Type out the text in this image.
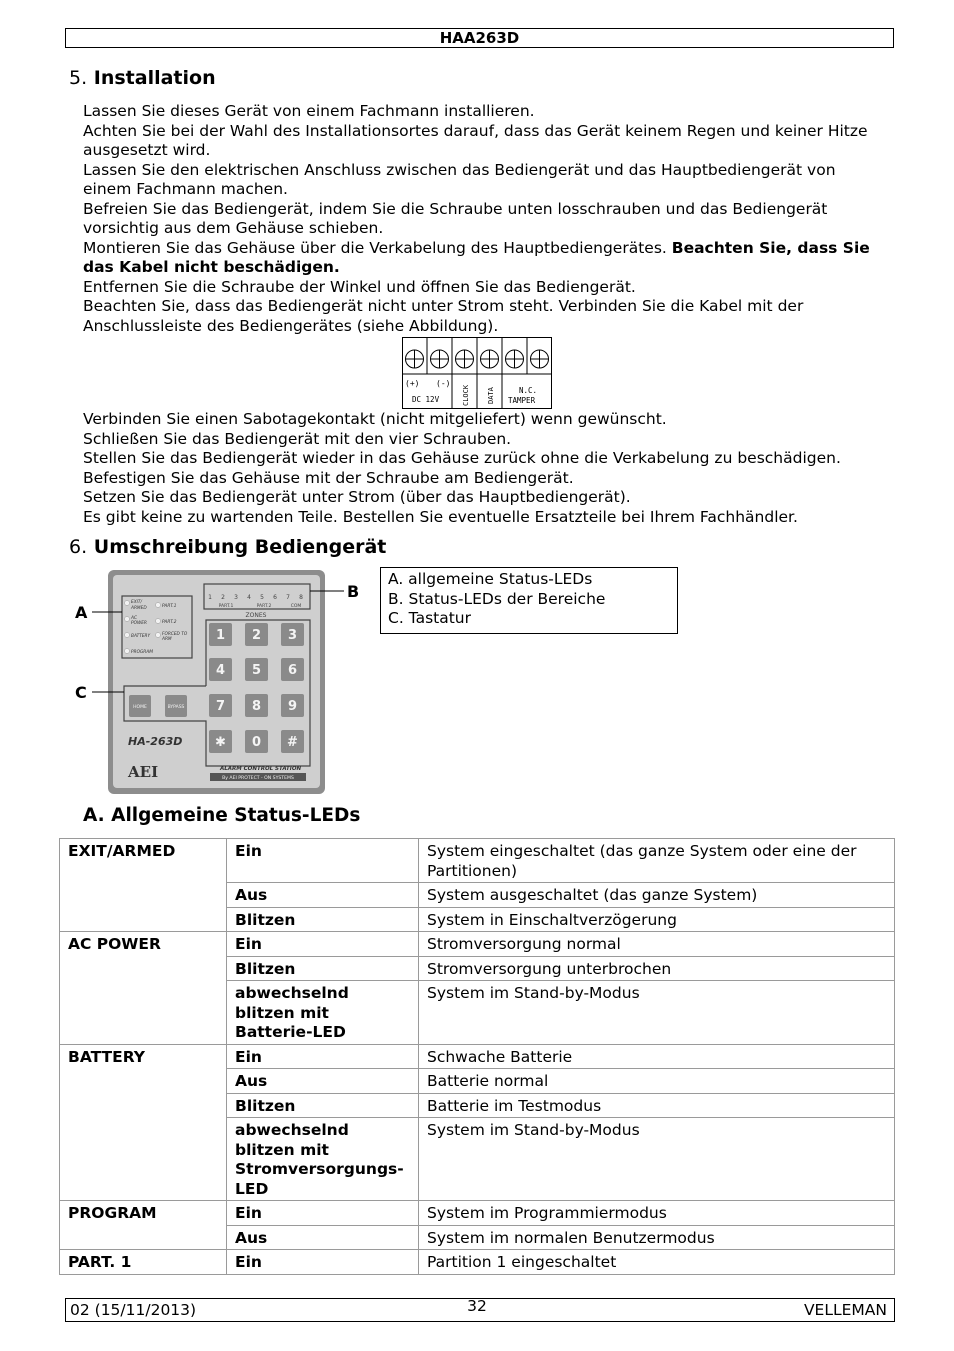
HAA263D
5. Installation

Lassen Sie dieses Gerät von einem Fachmann installieren.

Achten Sie bei der Wahl des Installationsortes darauf, dass das Gerät keinem Regen und keiner Hitze ausgesetzt wird.

Lassen Sie den elektrischen Anschluss zwischen das Bediengerät und das Hauptbediengerät von einem Fachmann machen.

Befreien Sie das Bediengerät, indem Sie die Schraube unten losschrauben und das Bediengerät vorsichtig aus dem Gehäuse schieben.

Montieren Sie das Gehäuse über die Verkabelung des Hauptbediengerätes. Beachten Sie, dass Sie das Kabel nicht beschädigen.

Entfernen Sie die Schraube der Winkel und öffnen Sie das Bediengerät.

Beachten Sie, dass das Bediengerät nicht unter Strom steht. Verbinden Sie die Kabel mit der Anschlussleiste des Bediengerätes (siehe Abbildung).

(+) (-)
DC 12V	CLOCK DATA	N.C.
TAMPER

Verbinden Sie einen Sabotagekontakt (nicht mitgeliefert) wenn gewünscht.

Schließen Sie das Bediengerät mit den vier Schrauben.

Stellen Sie das Bediengerät wieder in das Gehäuse zurück ohne die Verkabelung zu beschädigen.

Befestigen Sie das Gehäuse mit der Schraube am Bediengerät.

Setzen Sie das Bediengerät unter Strom (über das Hauptbediengerät).

Es gibt keine zu wartenden Teile. Bestellen Sie eventuelle Ersatzteile bei Ihrem Fachhändler.

6. Umschreibung Bediengerät
EXIT/
ARMED
AC
POWER
BATTERY
PROGRAM
PART.1
PART.2
FORCED TO
ARM
1 2 3 4 5 6 7 8
PART.1	PART.2	COM
ZONES
1 2 3
4 5 6
7 8 9
✱ 0 #
HOME	BYPASS
HA-263D
AEI	ALARM CONTROL STATION
By AEI PROTECT - ON SYSTEMS
A
B
C
A. allgemeine Status-LEDs
B. Status-LEDs der Bereiche
C. Tastatur
A. Allgemeine Status-LEDs
EXIT/ARMED	Ein	System eingeschaltet (das ganze System oder eine der Partitionen)
	Aus	System ausgeschaltet (das ganze System)
	Blitzen	System in Einschaltverzögerung
AC POWER	Ein	Stromversorgung normal
	Blitzen	Stromversorgung unterbrochen
	abwechselnd blitzen mit Batterie-LED	System im Stand-by-Modus
BATTERY	Ein	Schwache Batterie
	Aus	Batterie normal
	Blitzen	Batterie im Testmodus
	abwechselnd blitzen mit Stromversorgungs-LED	System im Stand-by-Modus
PROGRAM	Ein	System im Programmiermodus
	Aus	System im normalen Benutzermodus
PART. 1	Ein	Partition 1 eingeschaltet
02 (15/11/2013)	VELLEMAN
32
